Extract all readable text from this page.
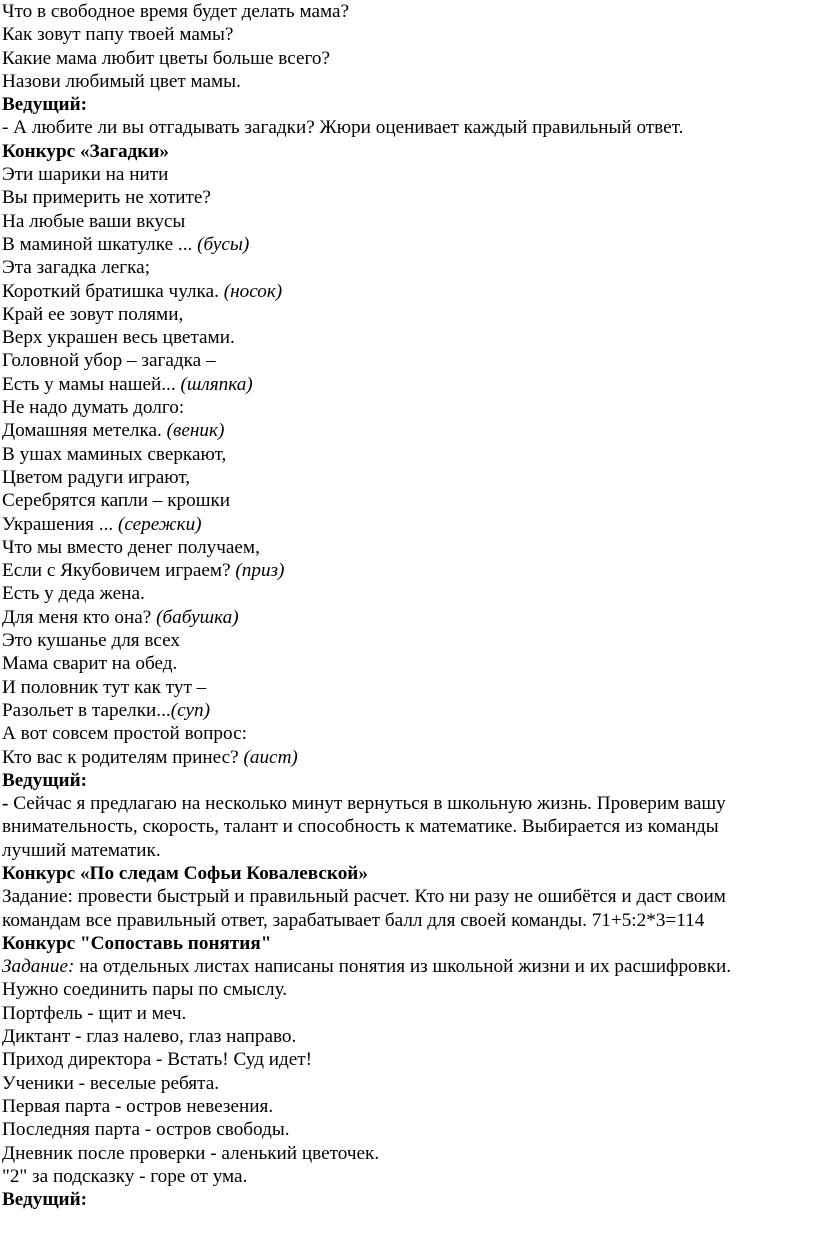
Что в свободное время будет делать мама?
Как зовут папу твоей мамы?
Какие мама любит цветы больше всего?
Назови любимый цвет мамы.
Ведущий:
- А любите ли вы отгадывать загадки? Жюри оценивает каждый правильный ответ.
Конкурс «Загадки»
Эти шарики на нити
Вы примерить не хотите?
На любые ваши вкусы
В маминой шкатулке ... (бусы)
Эта загадка легка;
Короткий братишка чулка. (носок)
Край ее зовут полями,
Верх украшен весь цветами.
Головной убор – загадка –
Есть у мамы нашей... (шляпка)
Не надо думать долго:
Домашняя метелка. (веник)
В ушах маминых сверкают,
Цветом радуги играют,
Серебрятся капли – крошки
Украшения ... (сережки)
Что мы вместо денег получаем,
Если с Якубовичем играем? (приз)
Есть у деда жена.
Для меня кто она? (бабушка)
Это кушанье для всех
Мама сварит на обед.
И половник тут как тут –
Разольет в тарелки...(суп)
А вот совсем простой вопрос:
Кто вас к родителям принес? (аист)
Ведущий:
- Сейчас я предлагаю на несколько минут вернуться в школьную жизнь. Проверим вашу
внимательность, скорость, талант и способность к математике. Выбирается из команды
лучший математик.
Конкурс «По следам Софьи Ковалевской»
Задание: провести быстрый и правильный расчет. Кто ни разу не ошибётся и даст своим
командам все правильный ответ, зарабатывает балл для своей команды. 71+5:2*3=114
Конкурс "Сопоставь понятия"
Задание: на отдельных листах написаны понятия из школьной жизни и их расшифровки.
Нужно соединить пары по смыслу.
Портфель - щит и меч.
Диктант - глаз налево, глаз направо.
Приход директора - Встать! Суд идет!
Ученики - веселые ребята.
Первая парта - остров невезения.
Последняя парта - остров свободы.
Дневник после проверки - аленький цветочек.
"2" за подсказку - горе от ума.
Ведущий:
